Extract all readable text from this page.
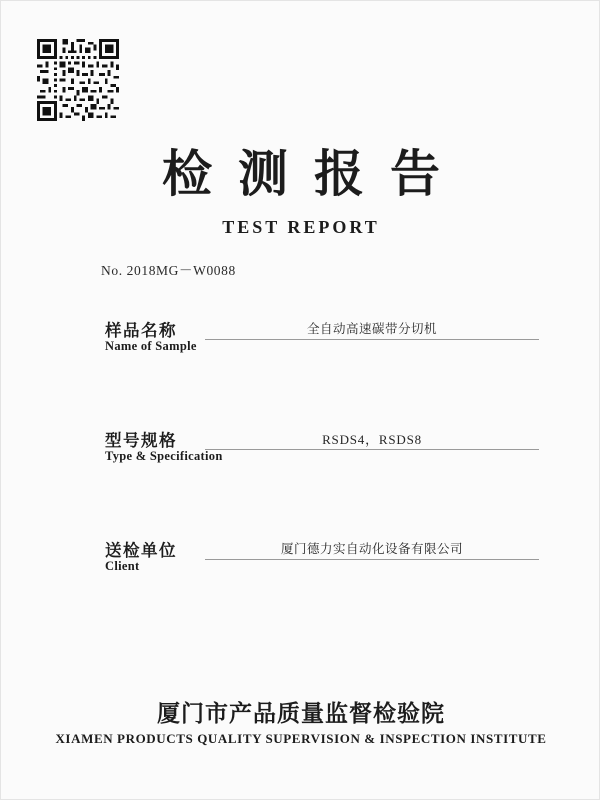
检测报告
TEST REPORT
No. 2018MG－W0088
样品名称
Name of Sample
全自动高速碳带分切机
型号规格
Type & Specification
RSDS4，RSDS8
送检单位
Client
厦门德力实自动化设备有限公司
厦门市产品质量监督检验院
XIAMEN PRODUCTS QUALITY SUPERVISION & INSPECTION INSTITUTE
